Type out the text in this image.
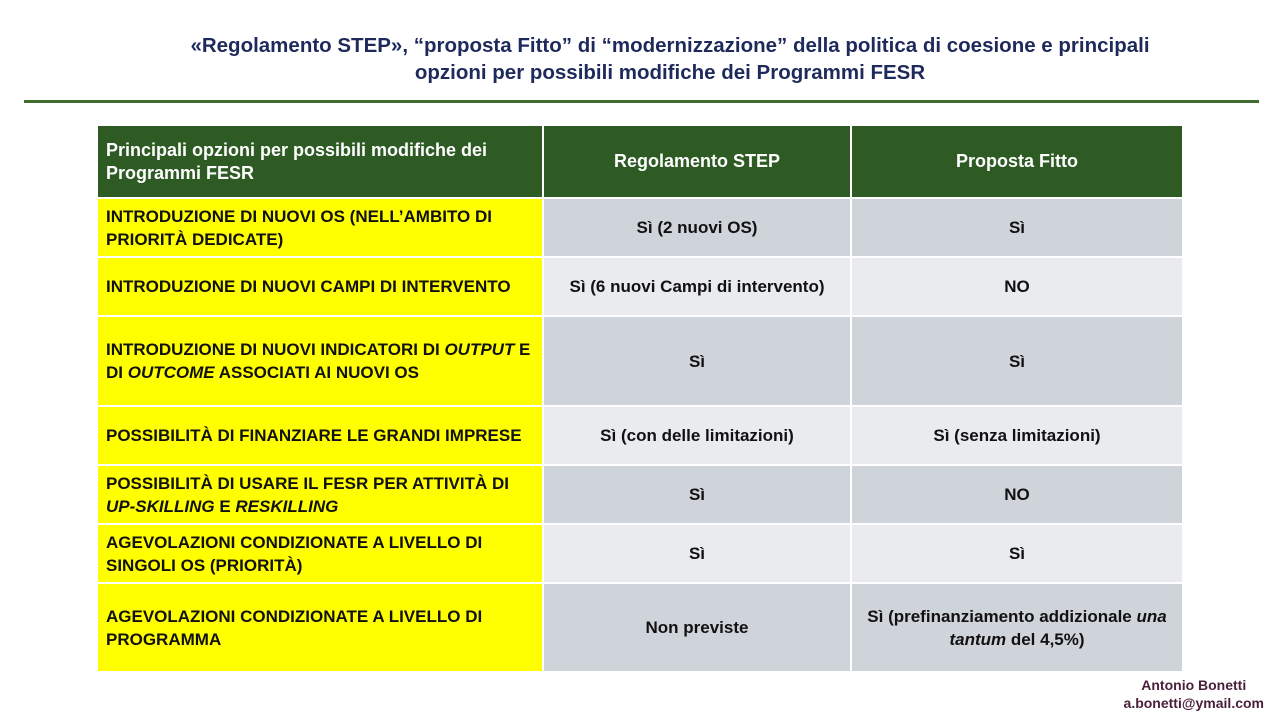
«Regolamento STEP», “proposta Fitto” di “modernizzazione” della politica di coesione e principali
opzioni per possibili modifiche dei Programmi FESR
Principali opzioni per possibili modifiche dei Programmi FESR	Regolamento STEP	Proposta Fitto
INTRODUZIONE DI NUOVI OS (NELL’AMBITO DI PRIORITÀ DEDICATE)	Sì (2 nuovi OS)	Sì
INTRODUZIONE DI NUOVI CAMPI DI INTERVENTO	Sì (6 nuovi Campi di intervento)	NO
INTRODUZIONE DI NUOVI INDICATORI DI OUTPUT E DI OUTCOME ASSOCIATI AI NUOVI OS	Sì	Sì
POSSIBILITÀ DI FINANZIARE LE GRANDI IMPRESE	Sì (con delle limitazioni)	Sì (senza limitazioni)
POSSIBILITÀ DI USARE IL FESR PER ATTIVITÀ DI UP-SKILLING E RESKILLING	Sì	NO
AGEVOLAZIONI CONDIZIONATE A LIVELLO DI SINGOLI OS (PRIORITÀ)	Sì	Sì
AGEVOLAZIONI CONDIZIONATE A LIVELLO DI PROGRAMMA	Non previste	Sì (prefinanziamento addizionale una tantum del 4,5%)
Antonio Bonetti
a.bonetti@ymail.com
